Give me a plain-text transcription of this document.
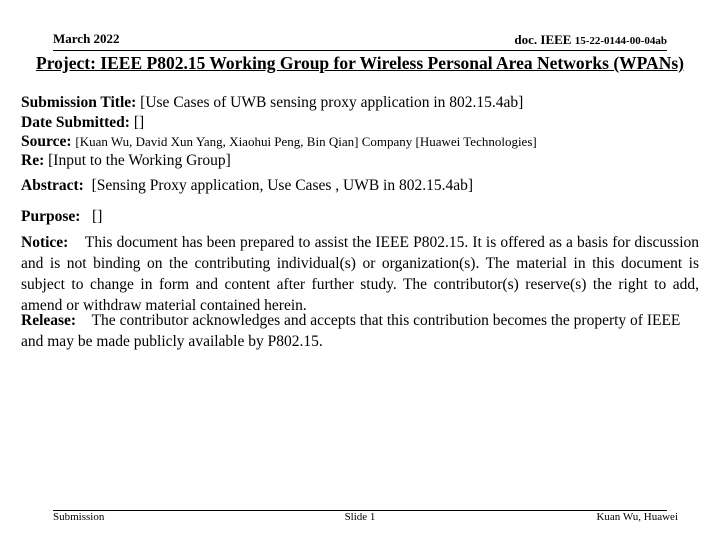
March 2022	doc. IEEE 15-22-0144-00-04ab
Project: IEEE P802.15 Working Group for Wireless Personal Area Networks (WPANs)
Submission Title: [Use Cases of UWB sensing proxy application in 802.15.4ab]
Date Submitted: []
Source: [Kuan Wu, David Xun Yang, Xiaohui Peng, Bin Qian] Company [Huawei Technologies]
Re: [Input to the Working Group]
Abstract: [Sensing Proxy application, Use Cases , UWB in 802.15.4ab]
Purpose: []
Notice: This document has been prepared to assist the IEEE P802.15. It is offered as a basis for discussion and is not binding on the contributing individual(s) or organization(s). The material in this document is subject to change in form and content after further study. The contributor(s) reserve(s) the right to add, amend or withdraw material contained herein.
Release: The contributor acknowledges and accepts that this contribution becomes the property of IEEE and may be made publicly available by P802.15.
Submission	Slide 1	Kuan Wu, Huawei
